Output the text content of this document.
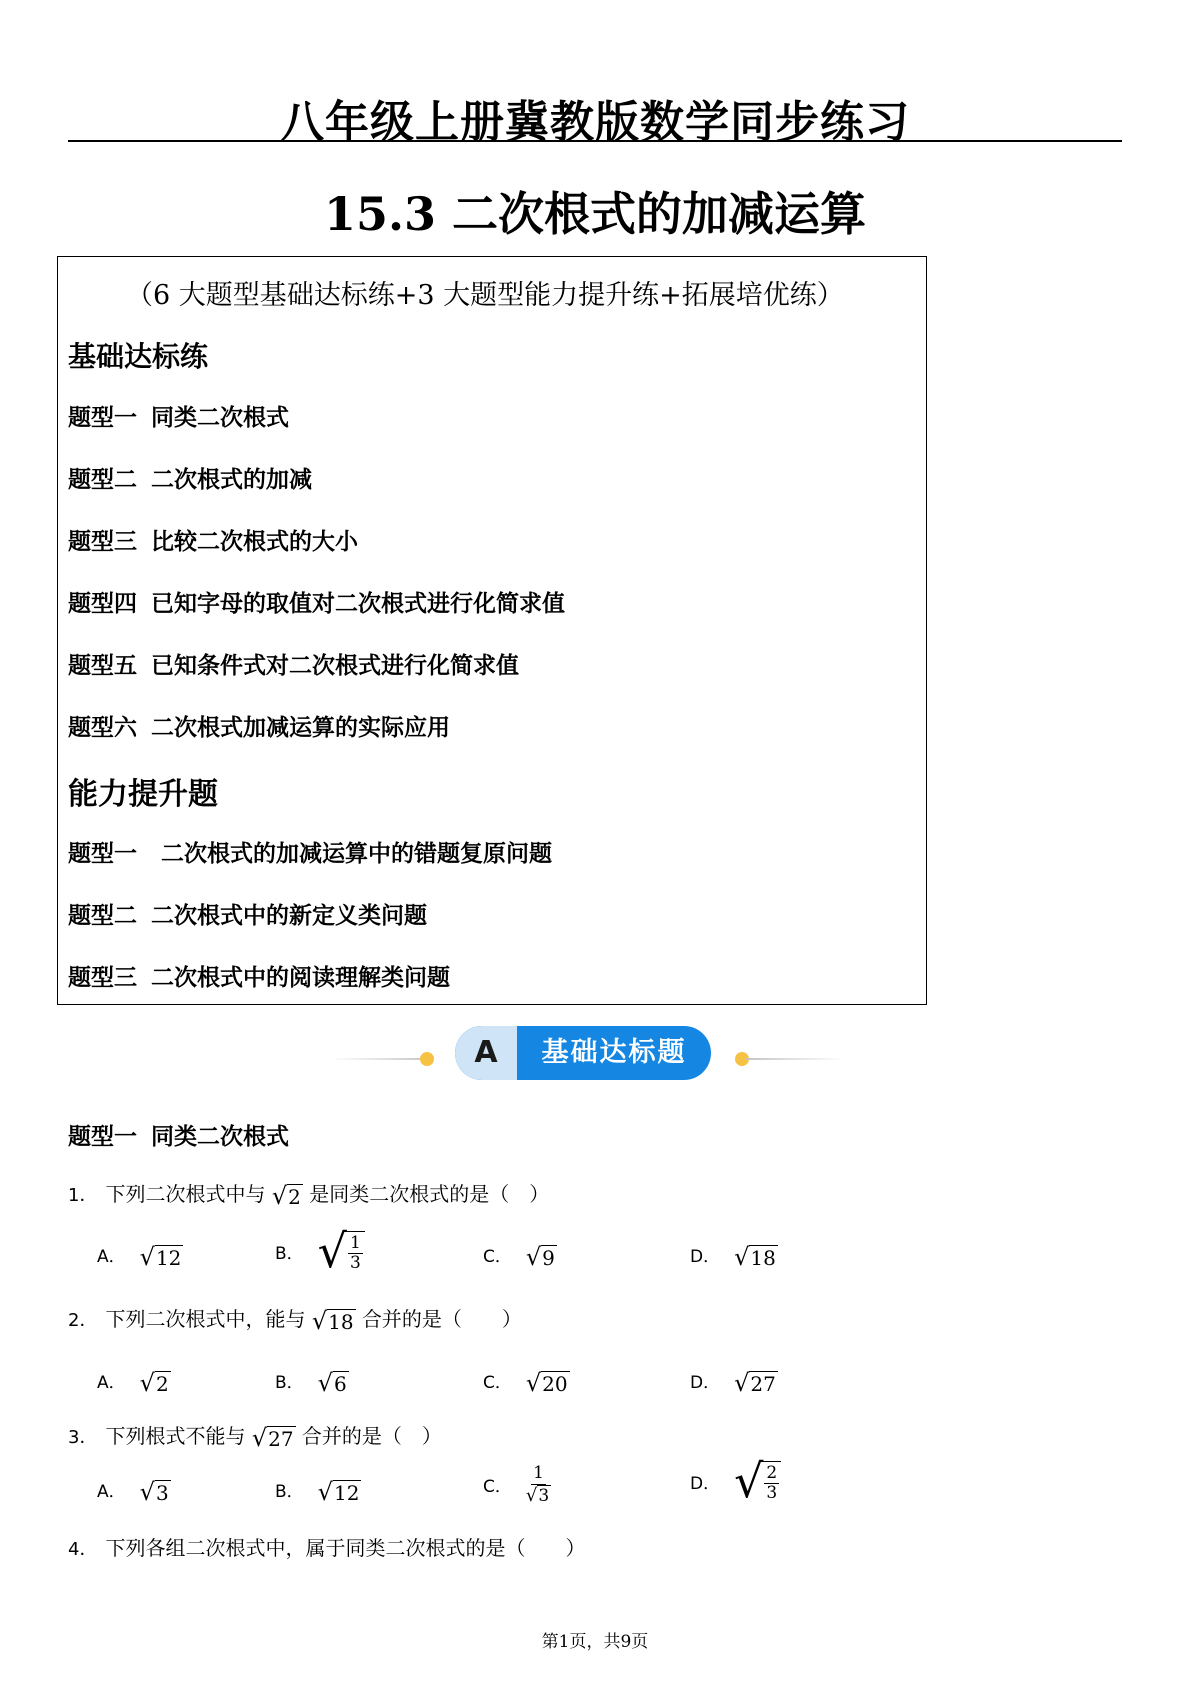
八年级上册冀教版数学同步练习
15.3 二次根式的加减运算
（6 大题型基础达标练+3 大题型能力提升练+拓展培优练）
基础达标练
题型一 同类二次根式
题型二 二次根式的加减
题型三 比较二次根式的大小
题型四 已知字母的取值对二次根式进行化简求值
题型五 已知条件式对二次根式进行化简求值
题型六 二次根式加减运算的实际应用
能力提升题
题型一 二次根式的加减运算中的错题复原问题
题型二 二次根式中的新定义类问题
题型三 二次根式中的阅读理解类问题
A	基础达标题
题型一 同类二次根式
1． 下列二次根式中与 √ 2 是同类二次根式的是（　）
A． √ 12	B． √ $\frac{1}{3}$	C． √ 9	D． √ 18
2． 下列二次根式中，能与 √ 18 合并的是（　　）
A． √ 2	B． √ 6	C． √ 20	D． √ 27
3． 下列根式不能与 √ 27 合并的是（　）
A． √ 3	B． √ 12	C． $\frac{1}{√ 3}$	D． √ $\frac{2}{3}$
4． 下列各组二次根式中，属于同类二次根式的是（　　）
第1页，共9页
